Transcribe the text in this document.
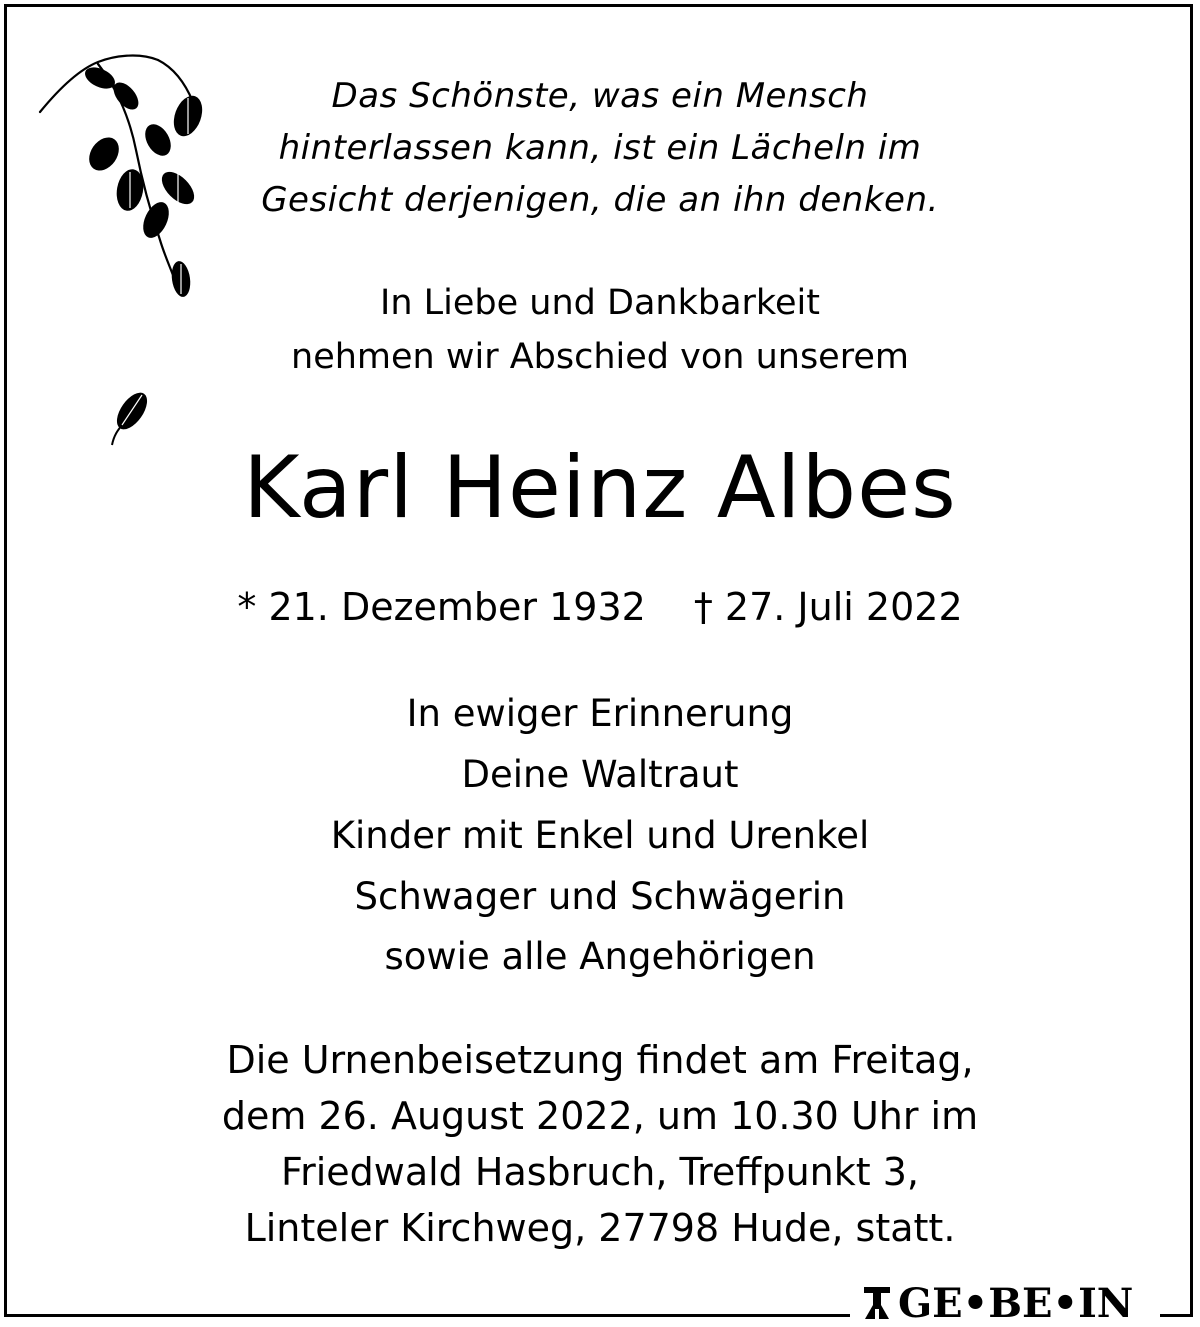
Das Schönste, was ein Mensch
hinterlassen kann, ist ein Lächeln im
Gesicht derjenigen, die an ihn denken.
In Liebe und Dankbarkeit
nehmen wir Abschied von unserem
Karl Heinz Albes
* 21. Dezember 1932 † 27. Juli 2022
In ewiger Erinnerung
Deine Waltraut
Kinder mit Enkel und Urenkel
Schwager und Schwägerin
sowie alle Angehörigen
Die Urnenbeisetzung findet am Freitag,
dem 26. August 2022, um 10.30 Uhr im
Friedwald Hasbruch, Treffpunkt 3,
Linteler Kirchweg, 27798 Hude, statt.
GE•BE•IN
